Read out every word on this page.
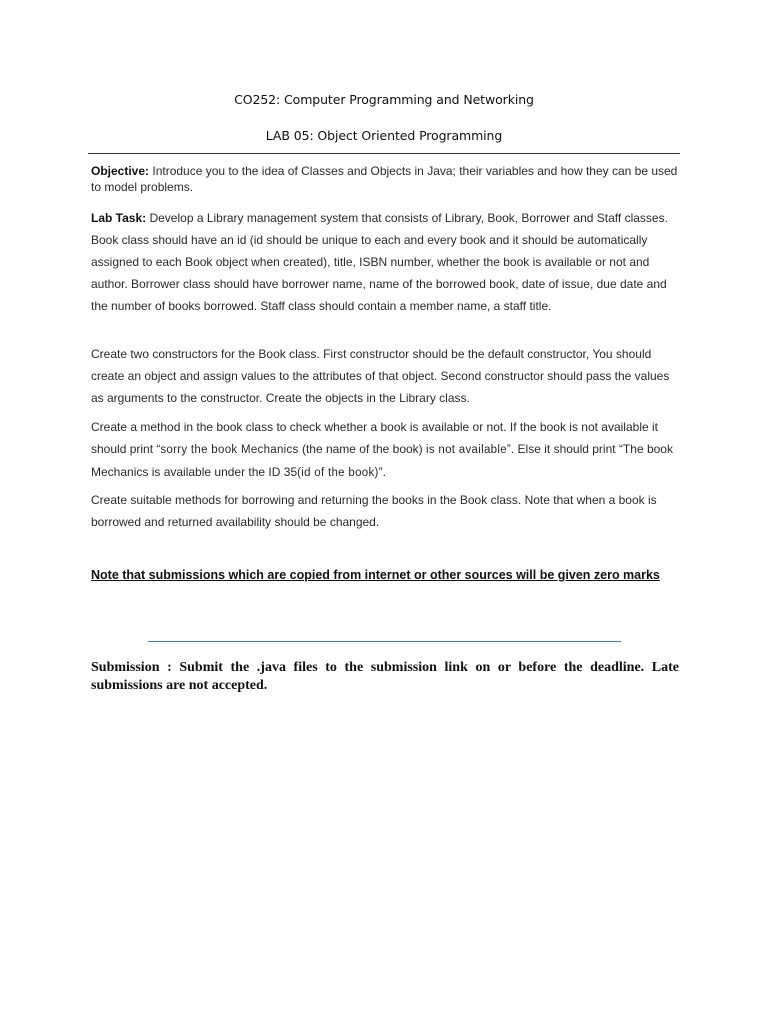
CO252: Computer Programming and Networking
LAB 05: Object Oriented Programming
Objective: Introduce you to the idea of Classes and Objects in Java; their variables and how they can be used to model problems.
Lab Task: Develop a Library management system that consists of Library, Book, Borrower and Staff classes. Book class should have an id (id should be unique to each and every book and it should be automatically assigned to each Book object when created), title, ISBN number, whether the book is available or not and author. Borrower class should have borrower name, name of the borrowed book, date of issue, due date and the number of books borrowed. Staff class should contain a member name, a staff title.
Create two constructors for the Book class. First constructor should be the default constructor, You should create an object and assign values to the attributes of that object. Second constructor should pass the values as arguments to the constructor. Create the objects in the Library class.
Create a method in the book class to check whether a book is available or not. If the book is not available it should print “sorry the book Mechanics (the name of the book) is not available”. Else it should print “The book Mechanics is available under the ID 35(id of the book)”.
Create suitable methods for borrowing and returning the books in the Book class. Note that when a book is borrowed and returned availability should be changed.
Note that submissions which are copied from internet or other sources will be given zero marks
Submission : Submit the .java files to the submission link on or before the deadline. Late submissions are not accepted.
